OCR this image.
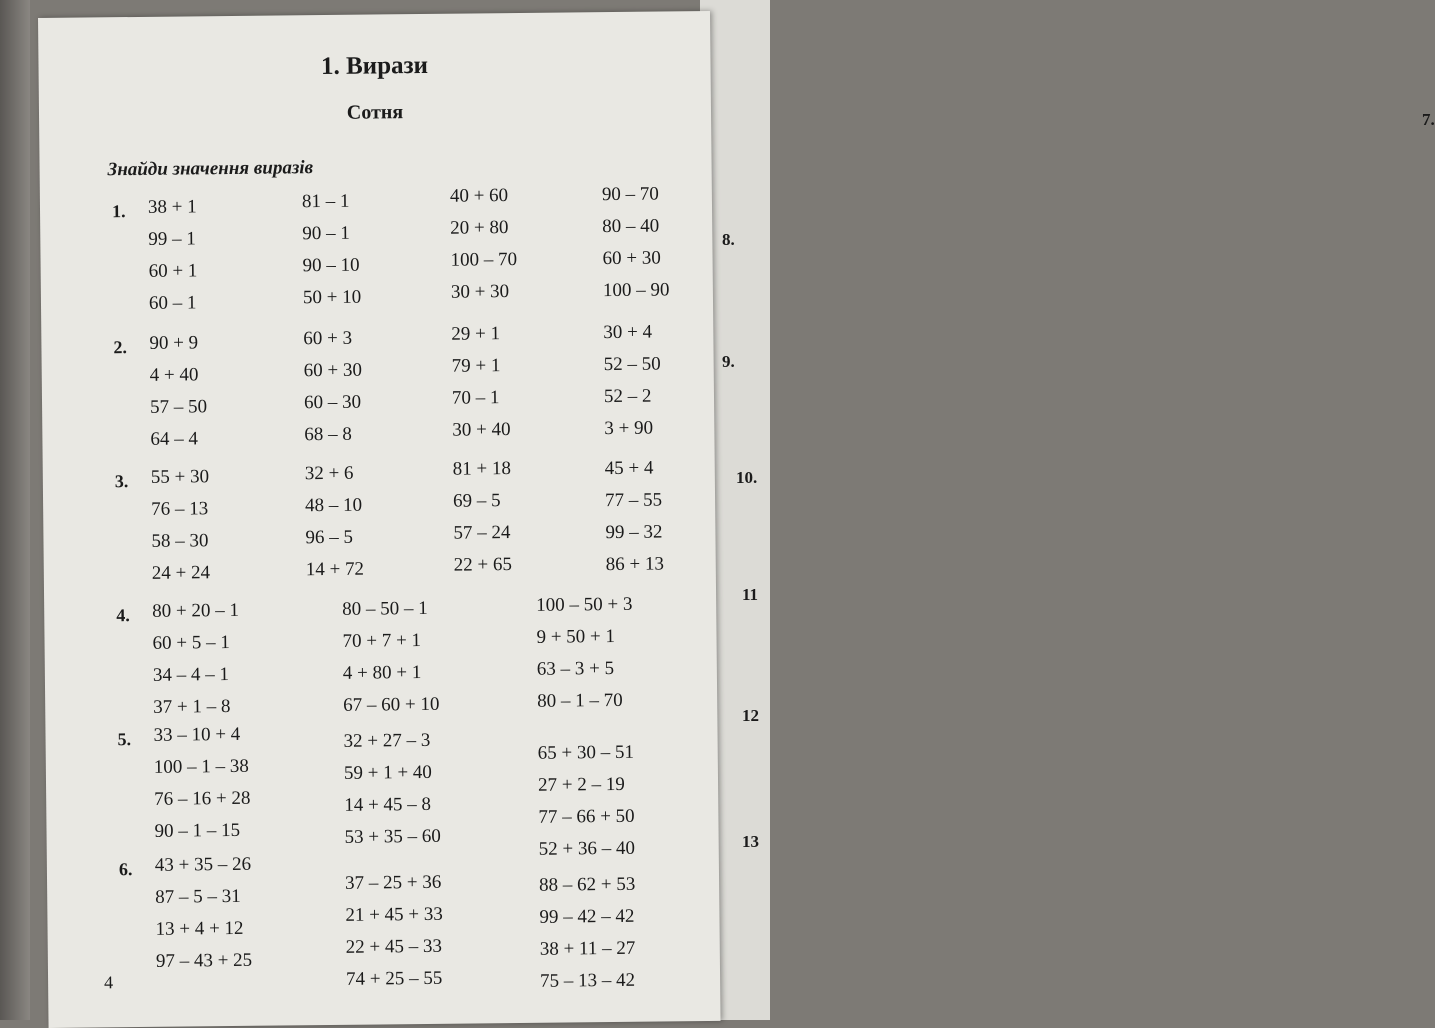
7.
8.
9.
10.
11
12
13
1. Вирази
Сотня
Знайди значення виразів
1. 38 + 1
99 – 1
60 + 1
60 – 1
81 – 1
90 – 1
90 – 10
50 + 10
40 + 60
20 + 80
100 – 70
30 + 30
90 – 70
80 – 40
60 + 30
100 – 90
2. 90 + 9
4 + 40
57 – 50
64 – 4
60 + 3
60 + 30
60 – 30
68 – 8
29 + 1
79 + 1
70 – 1
30 + 40
30 + 4
52 – 50
52 – 2
3 + 90
3. 55 + 30
76 – 13
58 – 30
24 + 24
32 + 6
48 – 10
96 – 5
14 + 72
81 + 18
69 – 5
57 – 24
22 + 65
45 + 4
77 – 55
99 – 32
86 + 13
4. 80 + 20 – 1
60 + 5 – 1
34 – 4 – 1
37 + 1 – 8
80 – 50 – 1
70 + 7 + 1
4 + 80 + 1
67 – 60 + 10
100 – 50 + 3
9 + 50 + 1
63 – 3 + 5
80 – 1 – 70
5. 33 – 10 + 4
100 – 1 – 38
76 – 16 + 28
90 – 1 – 15
32 + 27 – 3
59 + 1 + 40
14 + 45 – 8
53 + 35 – 60
65 + 30 – 51
27 + 2 – 19
77 – 66 + 50
52 + 36 – 40
6. 43 + 35 – 26
87 – 5 – 31
13 + 4 + 12
97 – 43 + 25
37 – 25 + 36
21 + 45 + 33
22 + 45 – 33
74 + 25 – 55
88 – 62 + 53
99 – 42 – 42
38 + 11 – 27
75 – 13 – 42
4
